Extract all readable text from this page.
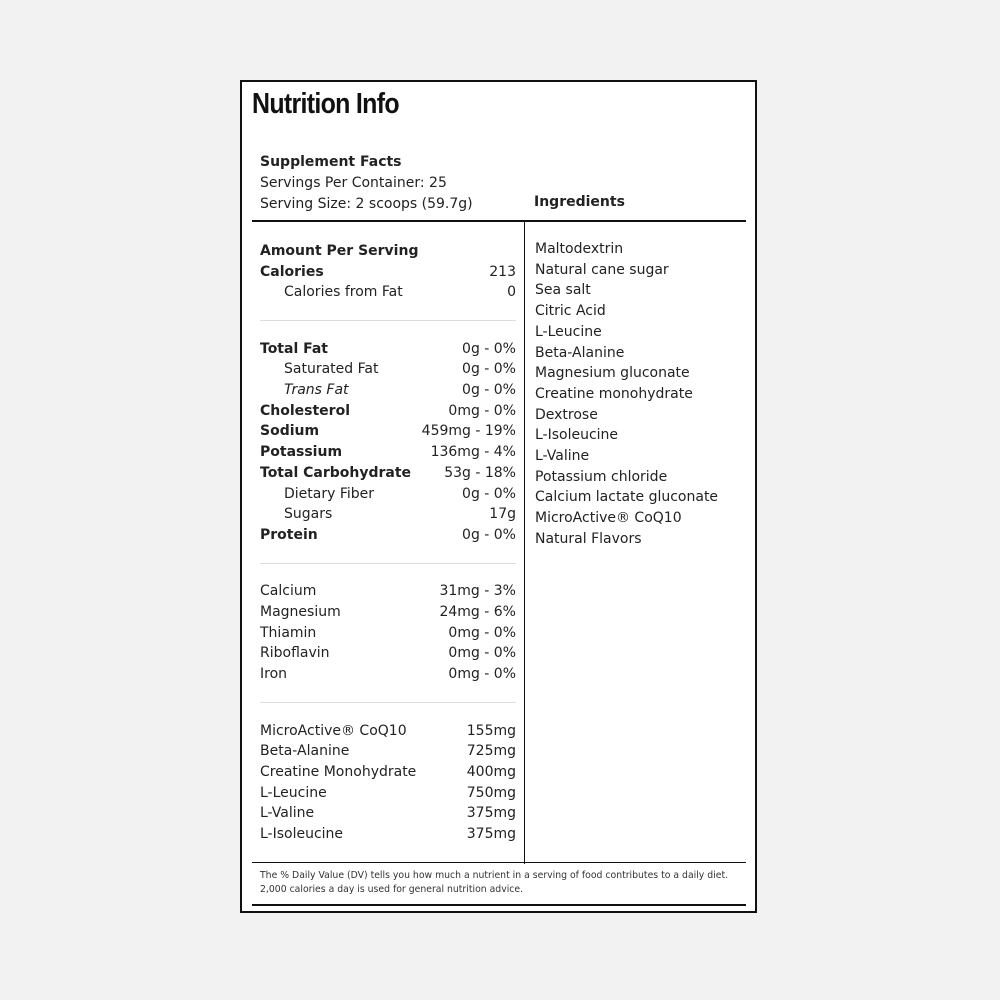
Nutrition Info
Supplement Facts
Servings Per Container: 25
Serving Size: 2 scoops (59.7g)	Ingredients
Amount Per Serving
Calories	213
Calories from Fat	0
Total Fat	0g - 0%
Saturated Fat	0g - 0%
Trans Fat	0g - 0%
Cholesterol	0mg - 0%
Sodium	459mg - 19%
Potassium	136mg - 4%
Total Carbohydrate 53g - 18%
Dietary Fiber	0g - 0%
Sugars	17g
Protein	0g - 0%
Calcium	31mg - 3%
Magnesium	24mg - 6%
Thiamin	0mg - 0%
Riboflavin	0mg - 0%
Iron	0mg - 0%
MicroActive® CoQ10	155mg
Beta-Alanine	725mg
Creatine Monohydrate	400mg
L-Leucine	750mg
L-Valine	375mg
L-Isoleucine	375mg
Maltodextrin
Natural cane sugar
Sea salt
Citric Acid
L-Leucine
Beta-Alanine
Magnesium gluconate
Creatine monohydrate
Dextrose
L-Isoleucine
L-Valine
Potassium chloride
Calcium lactate gluconate
MicroActive® CoQ10
Natural Flavors
The % Daily Value (DV) tells you how much a nutrient in a serving of food contributes to a daily diet.
2,000 calories a day is used for general nutrition advice.
